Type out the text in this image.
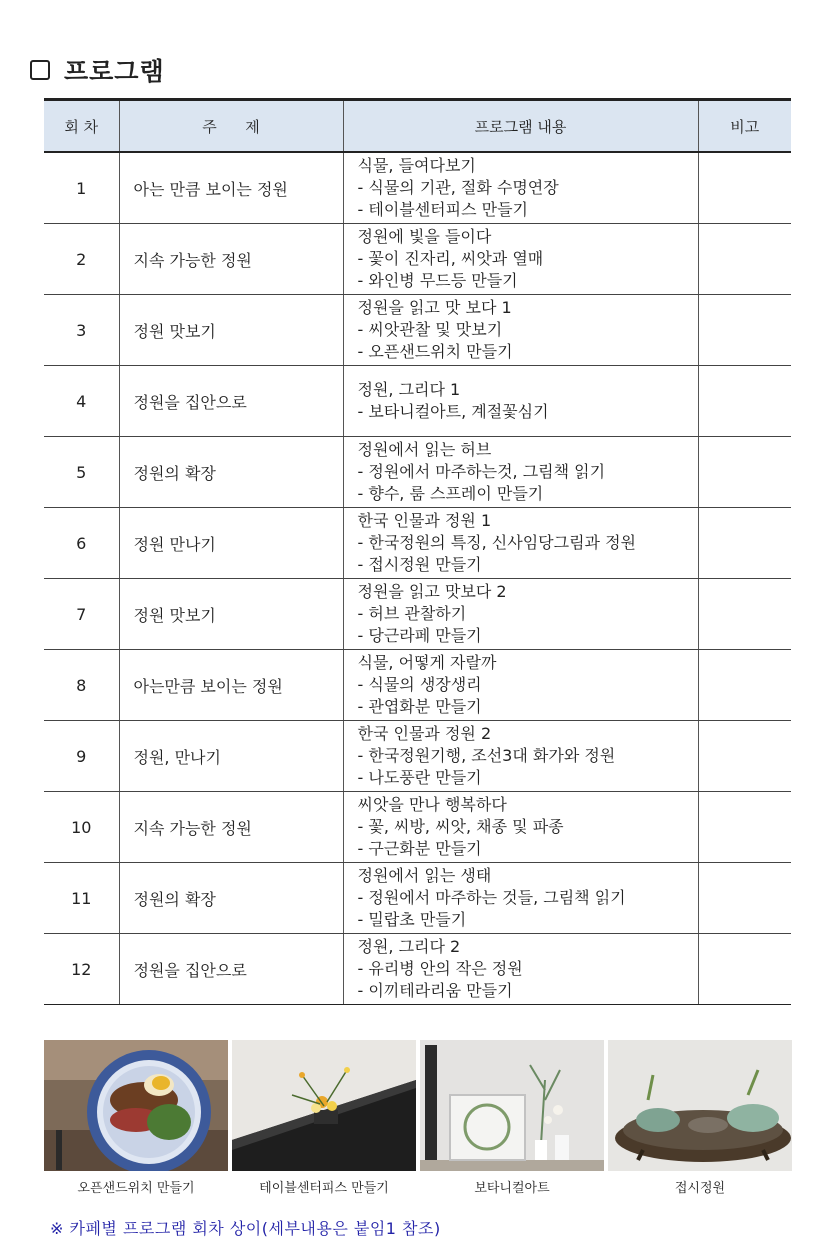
프로그램
회 차	주      제	프로그램 내용	비고
1	아는 만큼 보이는 정원	식물, 들여다보기
- 식물의 기관, 절화 수명연장
- 테이블센터피스 만들기	

2	지속 가능한 정원	정원에 빛을 들이다
- 꽃이 진자리, 씨앗과 열매
- 와인병 무드등 만들기	

3	정원 맛보기	정원을 읽고 맛 보다 1
- 씨앗관찰 및 맛보기
- 오픈샌드위치 만들기	

4	정원을 집안으로	정원, 그리다 1
- 보타니컬아트, 계절꽃심기	

5	정원의 확장	정원에서 읽는 허브
- 정원에서 마주하는것, 그림책 읽기
- 향수, 룸 스프레이 만들기	

6	정원 만나기	한국 인물과 정원 1
- 한국정원의 특징, 신사임당그림과 정원
- 접시정원 만들기	

7	정원 맛보기	정원을 읽고 맛보다 2
- 허브 관찰하기
- 당근라페 만들기	

8	아는만큼 보이는 정원	식물, 어떻게 자랄까
- 식물의 생장생리
- 관엽화분 만들기	

9	정원, 만나기	한국 인물과 정원 2
- 한국정원기행, 조선3대 화가와 정원
- 나도풍란 만들기	

10	지속 가능한 정원	씨앗을 만나 행복하다
- 꽃, 씨방, 씨앗, 채종 및 파종
- 구근화분 만들기	

11	정원의 확장	정원에서 읽는 생태
- 정원에서 마주하는 것들, 그림책 읽기
- 밀랍초 만들기	

12	정원을 집안으로	정원, 그리다 2
- 유리병 안의 작은 정원
- 이끼테라리움 만들기	

오픈샌드위치 만들기	테이블센터피스 만들기	보타니컬아트	접시정원
※ 카페별 프로그램 회차 상이(세부내용은 붙임1 참조)
